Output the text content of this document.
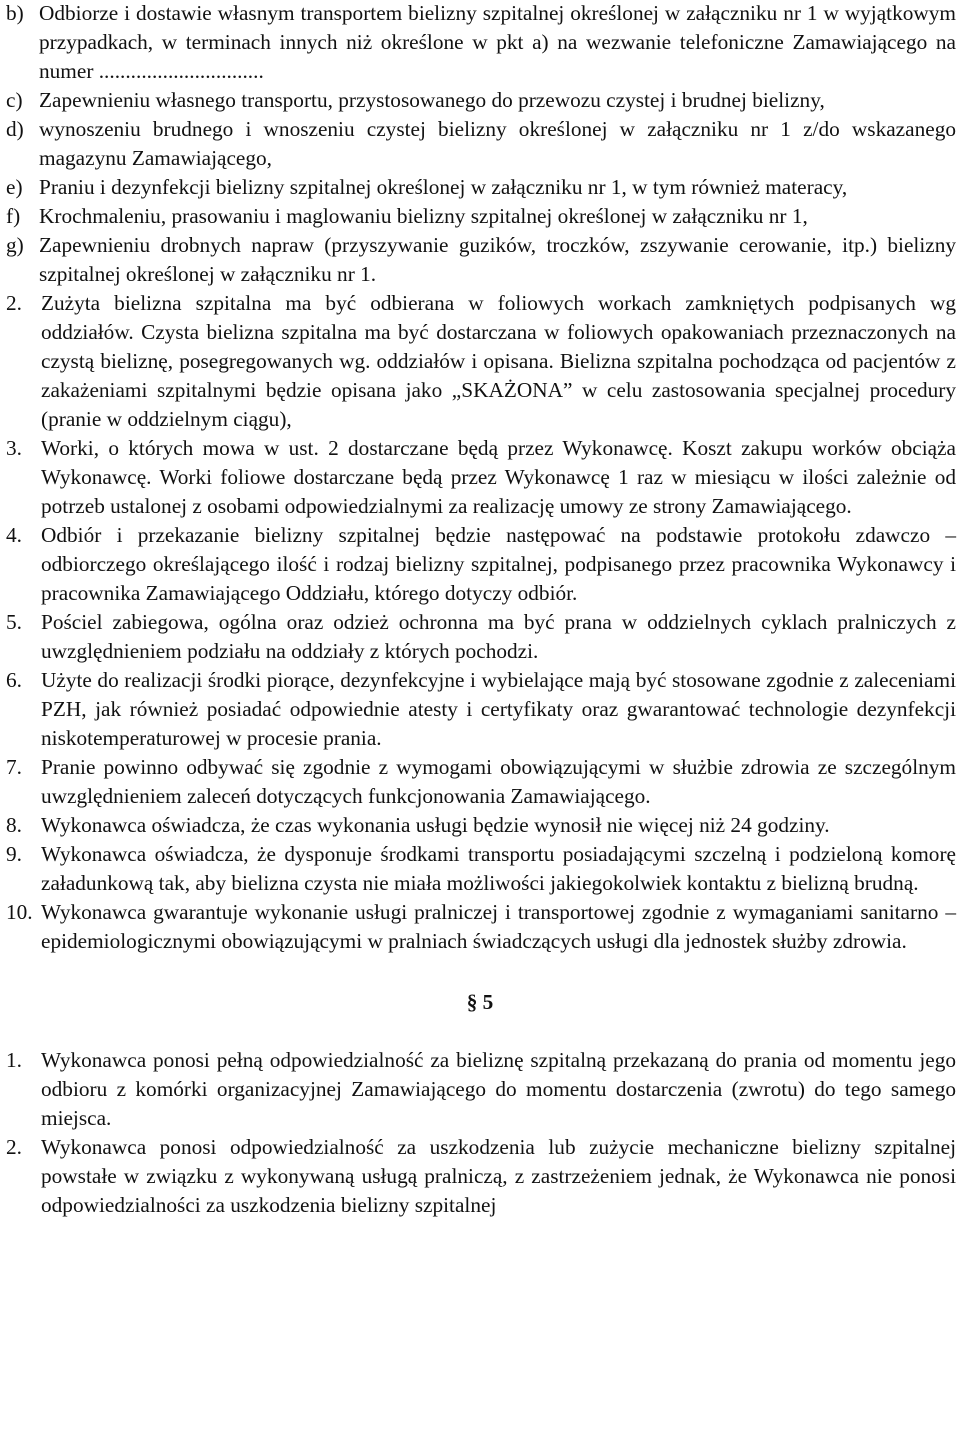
b) Odbiorze i dostawie własnym transportem bielizny szpitalnej określonej w załączniku nr 1 w wyjątkowym przypadkach, w terminach innych niż określone w pkt a) na wezwanie telefoniczne Zamawiającego na numer ...............................
c) Zapewnieniu własnego transportu, przystosowanego do przewozu czystej i brudnej bielizny,
d) wynoszeniu brudnego i wnoszeniu czystej bielizny określonej w załączniku nr 1 z/do wskazanego magazynu Zamawiającego,
e) Praniu i dezynfekcji bielizny szpitalnej określonej w załączniku nr 1, w tym również materacy,
f) Krochmaleniu, prasowaniu i maglowaniu bielizny szpitalnej określonej w załączniku nr 1,
g) Zapewnieniu drobnych napraw (przyszywanie guzików, troczków, zszywanie cerowanie, itp.) bielizny szpitalnej określonej w załączniku nr 1.
2. Zużyta bielizna szpitalna ma być odbierana w foliowych workach zamkniętych podpisanych wg oddziałów. Czysta bielizna szpitalna ma być dostarczana w foliowych opakowaniach przeznaczonych na czystą bieliznę, posegregowanych wg. oddziałów i opisana. Bielizna szpitalna pochodząca od pacjentów z zakażeniami szpitalnymi będzie opisana jako „SKAŻONA” w celu zastosowania specjalnej procedury (pranie w oddzielnym ciągu),
3. Worki, o których mowa w ust. 2 dostarczane będą przez Wykonawcę. Koszt zakupu worków obciąża Wykonawcę. Worki foliowe dostarczane będą przez Wykonawcę 1 raz w miesiącu w ilości zależnie od potrzeb ustalonej z osobami odpowiedzialnymi za realizację umowy ze strony Zamawiającego.
4. Odbiór i przekazanie bielizny szpitalnej będzie następować na podstawie protokołu zdawczo – odbiorczego określającego ilość i rodzaj bielizny szpitalnej, podpisanego przez pracownika Wykonawcy i pracownika Zamawiającego Oddziału, którego dotyczy odbiór.
5. Pościel zabiegowa, ogólna oraz odzież ochronna ma być prana w oddzielnych cyklach pralniczych z uwzględnieniem podziału na oddziały z których pochodzi.
6. Użyte do realizacji środki piorące, dezynfekcyjne i wybielające mają być stosowane zgodnie z zaleceniami PZH, jak również posiadać odpowiednie atesty i certyfikaty oraz gwarantować technologie dezynfekcji niskotemperaturowej w procesie prania.
7. Pranie powinno odbywać się zgodnie z wymogami obowiązującymi w służbie zdrowia ze szczególnym uwzględnieniem zaleceń dotyczących funkcjonowania Zamawiającego.
8. Wykonawca oświadcza, że czas wykonania usługi będzie wynosił nie więcej niż 24 godziny.
9. Wykonawca oświadcza, że dysponuje środkami transportu posiadającymi szczelną i podzieloną komorę załadunkową tak, aby bielizna czysta nie miała możliwości jakiegokolwiek kontaktu z bielizną brudną.
10. Wykonawca gwarantuje wykonanie usługi pralniczej i transportowej zgodnie z wymaganiami sanitarno – epidemiologicznymi obowiązującymi w pralniach świadczących usługi dla jednostek służby zdrowia.
§ 5
1. Wykonawca ponosi pełną odpowiedzialność za bieliznę szpitalną przekazaną do prania od momentu jego odbioru z komórki organizacyjnej Zamawiającego do momentu dostarczenia (zwrotu) do tego samego miejsca.
2. Wykonawca ponosi odpowiedzialność za uszkodzenia lub zużycie mechaniczne bielizny szpitalnej powstałe w związku z wykonywaną usługą pralniczą, z zastrzeżeniem jednak, że Wykonawca nie ponosi odpowiedzialności za uszkodzenia bielizny szpitalnej
